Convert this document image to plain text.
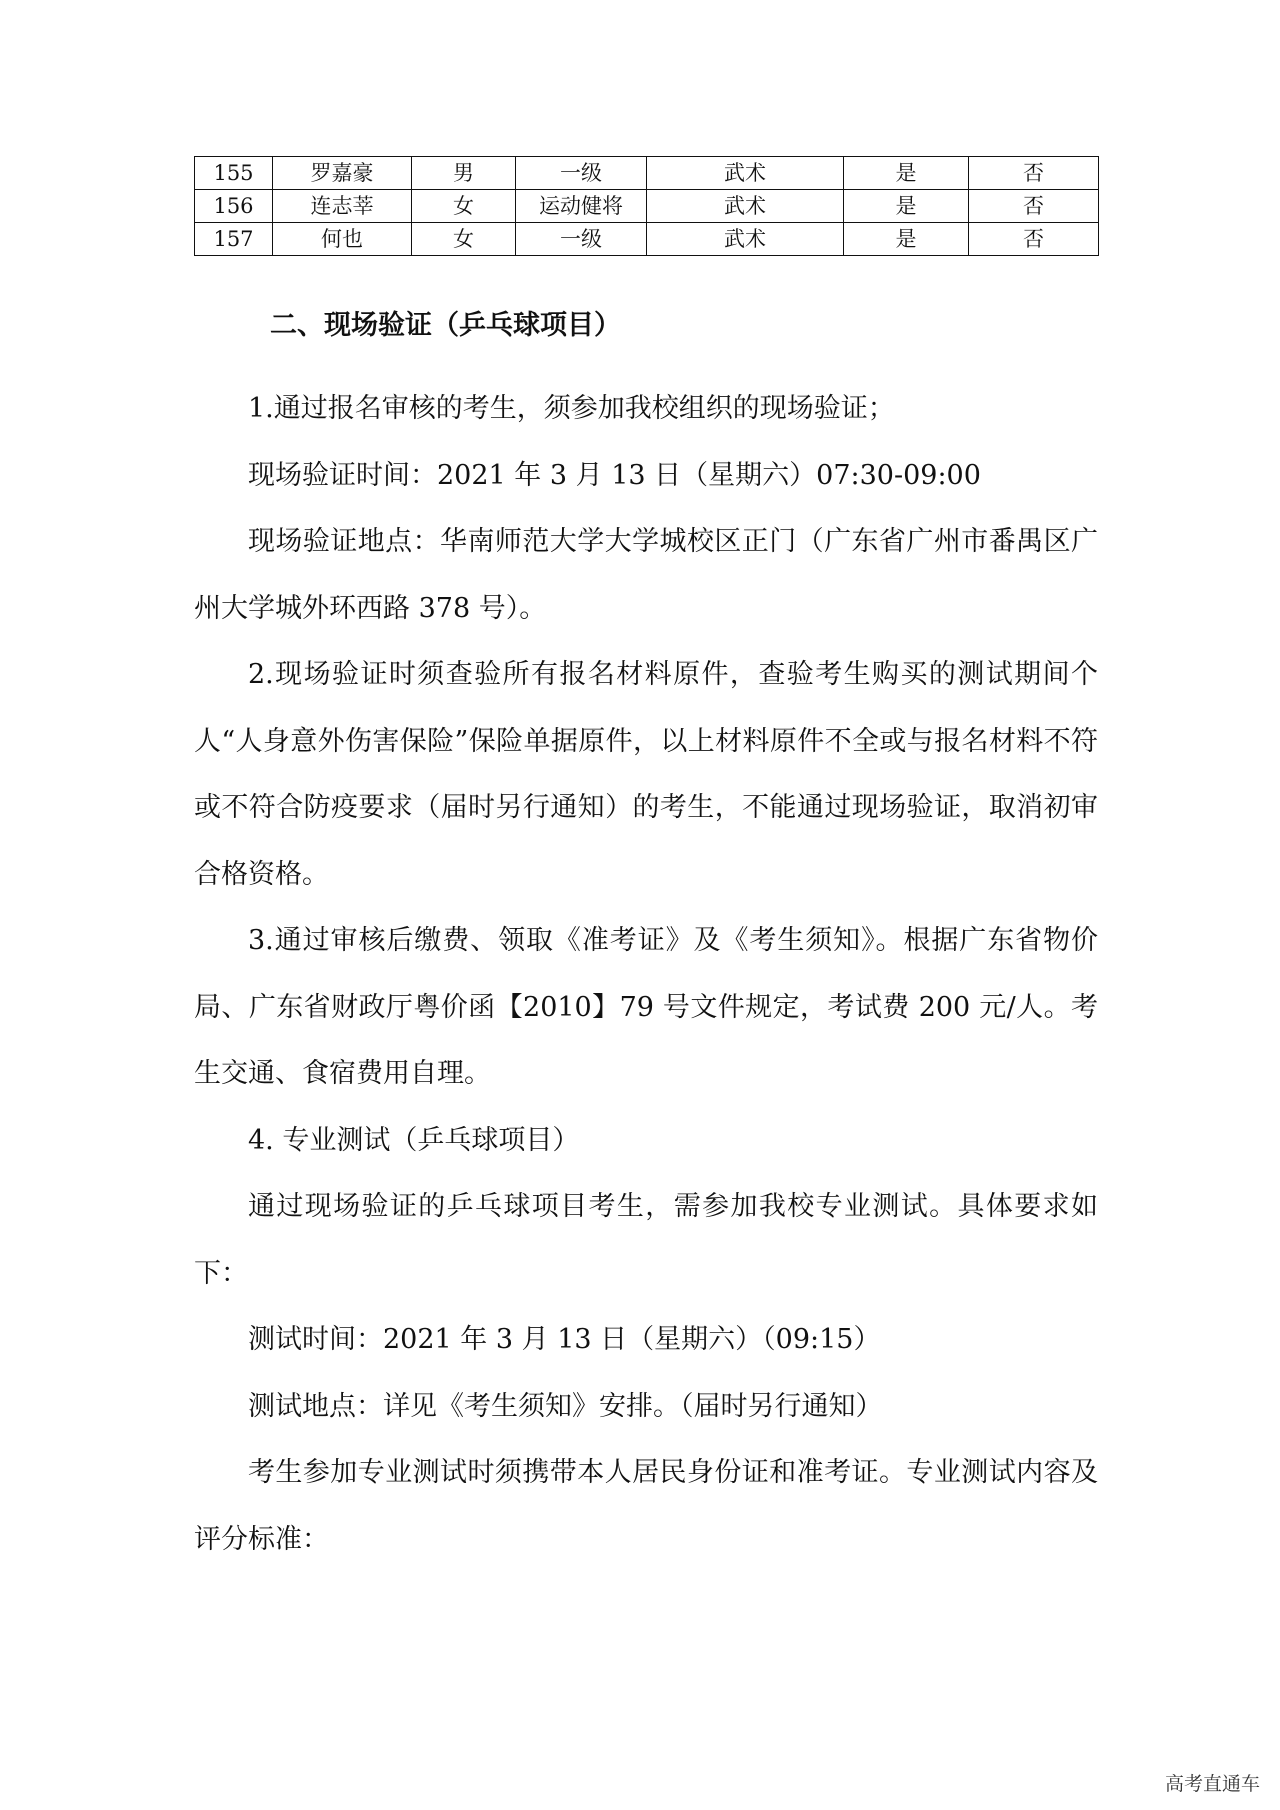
155	罗嘉豪	男	一级	武术	是	否
156	连志莘	女	运动健将	武术	是	否
157	何也	女	一级	武术	是	否
二、现场验证（乒乓球项目）

1.通过报名审核的考生，须参加我校组织的现场验证；

现场验证时间：2021 年 3 月 13 日（星期六）07:30-09:00

现场验证地点：华南师范大学大学城校区正门（广东省广州市番禺区广州大学城外环西路 378 号）。

2.现场验证时须查验所有报名材料原件，查验考生购买的测试期间个人“人身意外伤害保险”保险单据原件，以上材料原件不全或与报名材料不符或不符合防疫要求（届时另行通知）的考生，不能通过现场验证，取消初审合格资格。

3.通过审核后缴费、领取《准考证》及《考生须知》。根据广东省物价局、广东省财政厅粤价函【2010】79 号文件规定，考试费 200 元/人。考生交通、食宿费用自理。

4. 专业测试（乒乓球项目）

通过现场验证的乒乓球项目考生，需参加我校专业测试。具体要求如下：

测试时间：2021 年 3 月 13 日（星期六）（09:15）

测试地点：详见《考生须知》安排。（届时另行通知）

考生参加专业测试时须携带本人居民身份证和准考证。专业测试内容及评分标准：

高考直通车
